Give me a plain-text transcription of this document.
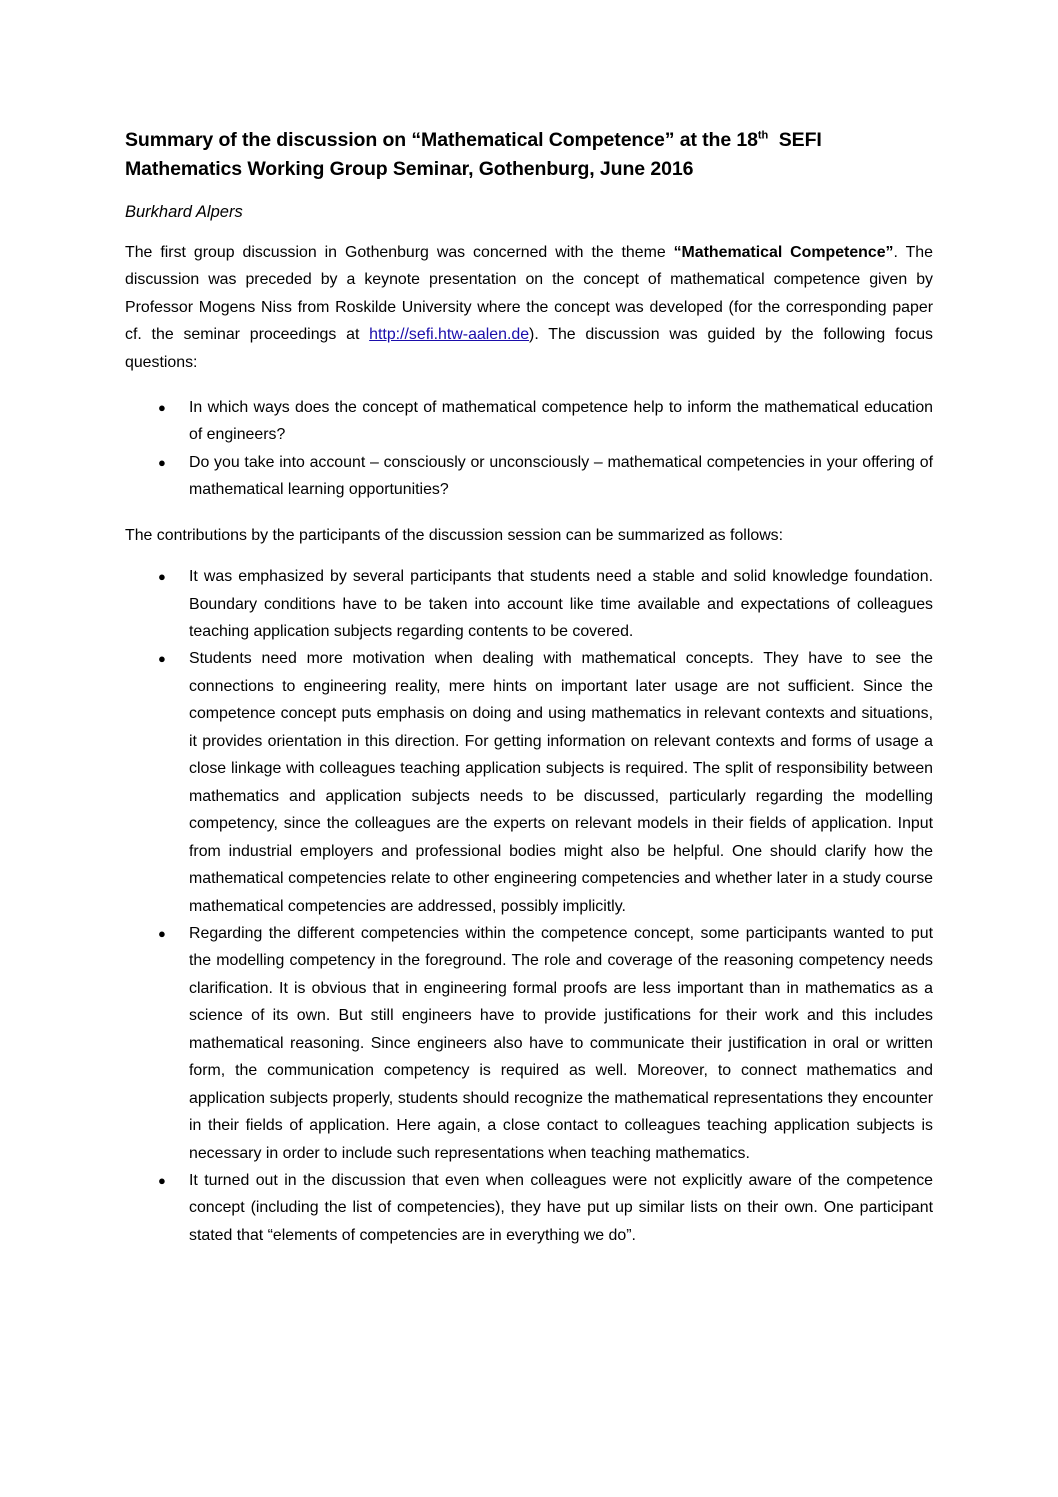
Summary of the discussion on “Mathematical Competence” at the 18th SEFI Mathematics Working Group Seminar, Gothenburg, June 2016
Burkhard Alpers

The first group discussion in Gothenburg was concerned with the theme “Mathematical Competence”. The discussion was preceded by a keynote presentation on the concept of mathematical competence given by Professor Mogens Niss from Roskilde University where the concept was developed (for the corresponding paper cf. the seminar proceedings at http://sefi.htw-aalen.de). The discussion was guided by the following focus questions:

● In which ways does the concept of mathematical competence help to inform the mathematical education of engineers?
● Do you take into account – consciously or unconsciously – mathematical competencies in your offering of mathematical learning opportunities?

The contributions by the participants of the discussion session can be summarized as follows:

● It was emphasized by several participants that students need a stable and solid knowledge foundation. Boundary conditions have to be taken into account like time available and expectations of colleagues teaching application subjects regarding contents to be covered.
● Students need more motivation when dealing with mathematical concepts. They have to see the connections to engineering reality, mere hints on important later usage are not sufficient. Since the competence concept puts emphasis on doing and using mathematics in relevant contexts and situations, it provides orientation in this direction. For getting information on relevant contexts and forms of usage a close linkage with colleagues teaching application subjects is required. The split of responsibility between mathematics and application subjects needs to be discussed, particularly regarding the modelling competency, since the colleagues are the experts on relevant models in their fields of application. Input from industrial employers and professional bodies might also be helpful. One should clarify how the mathematical competencies relate to other engineering competencies and whether later in a study course mathematical competencies are addressed, possibly implicitly.
● Regarding the different competencies within the competence concept, some participants wanted to put the modelling competency in the foreground. The role and coverage of the reasoning competency needs clarification. It is obvious that in engineering formal proofs are less important than in mathematics as a science of its own. But still engineers have to provide justifications for their work and this includes mathematical reasoning. Since engineers also have to communicate their justification in oral or written form, the communication competency is required as well. Moreover, to connect mathematics and application subjects properly, students should recognize the mathematical representations they encounter in their fields of application. Here again, a close contact to colleagues teaching application subjects is necessary in order to include such representations when teaching mathematics.
● It turned out in the discussion that even when colleagues were not explicitly aware of the competence concept (including the list of competencies), they have put up similar lists on their own. One participant stated that “elements of competencies are in everything we do”.
